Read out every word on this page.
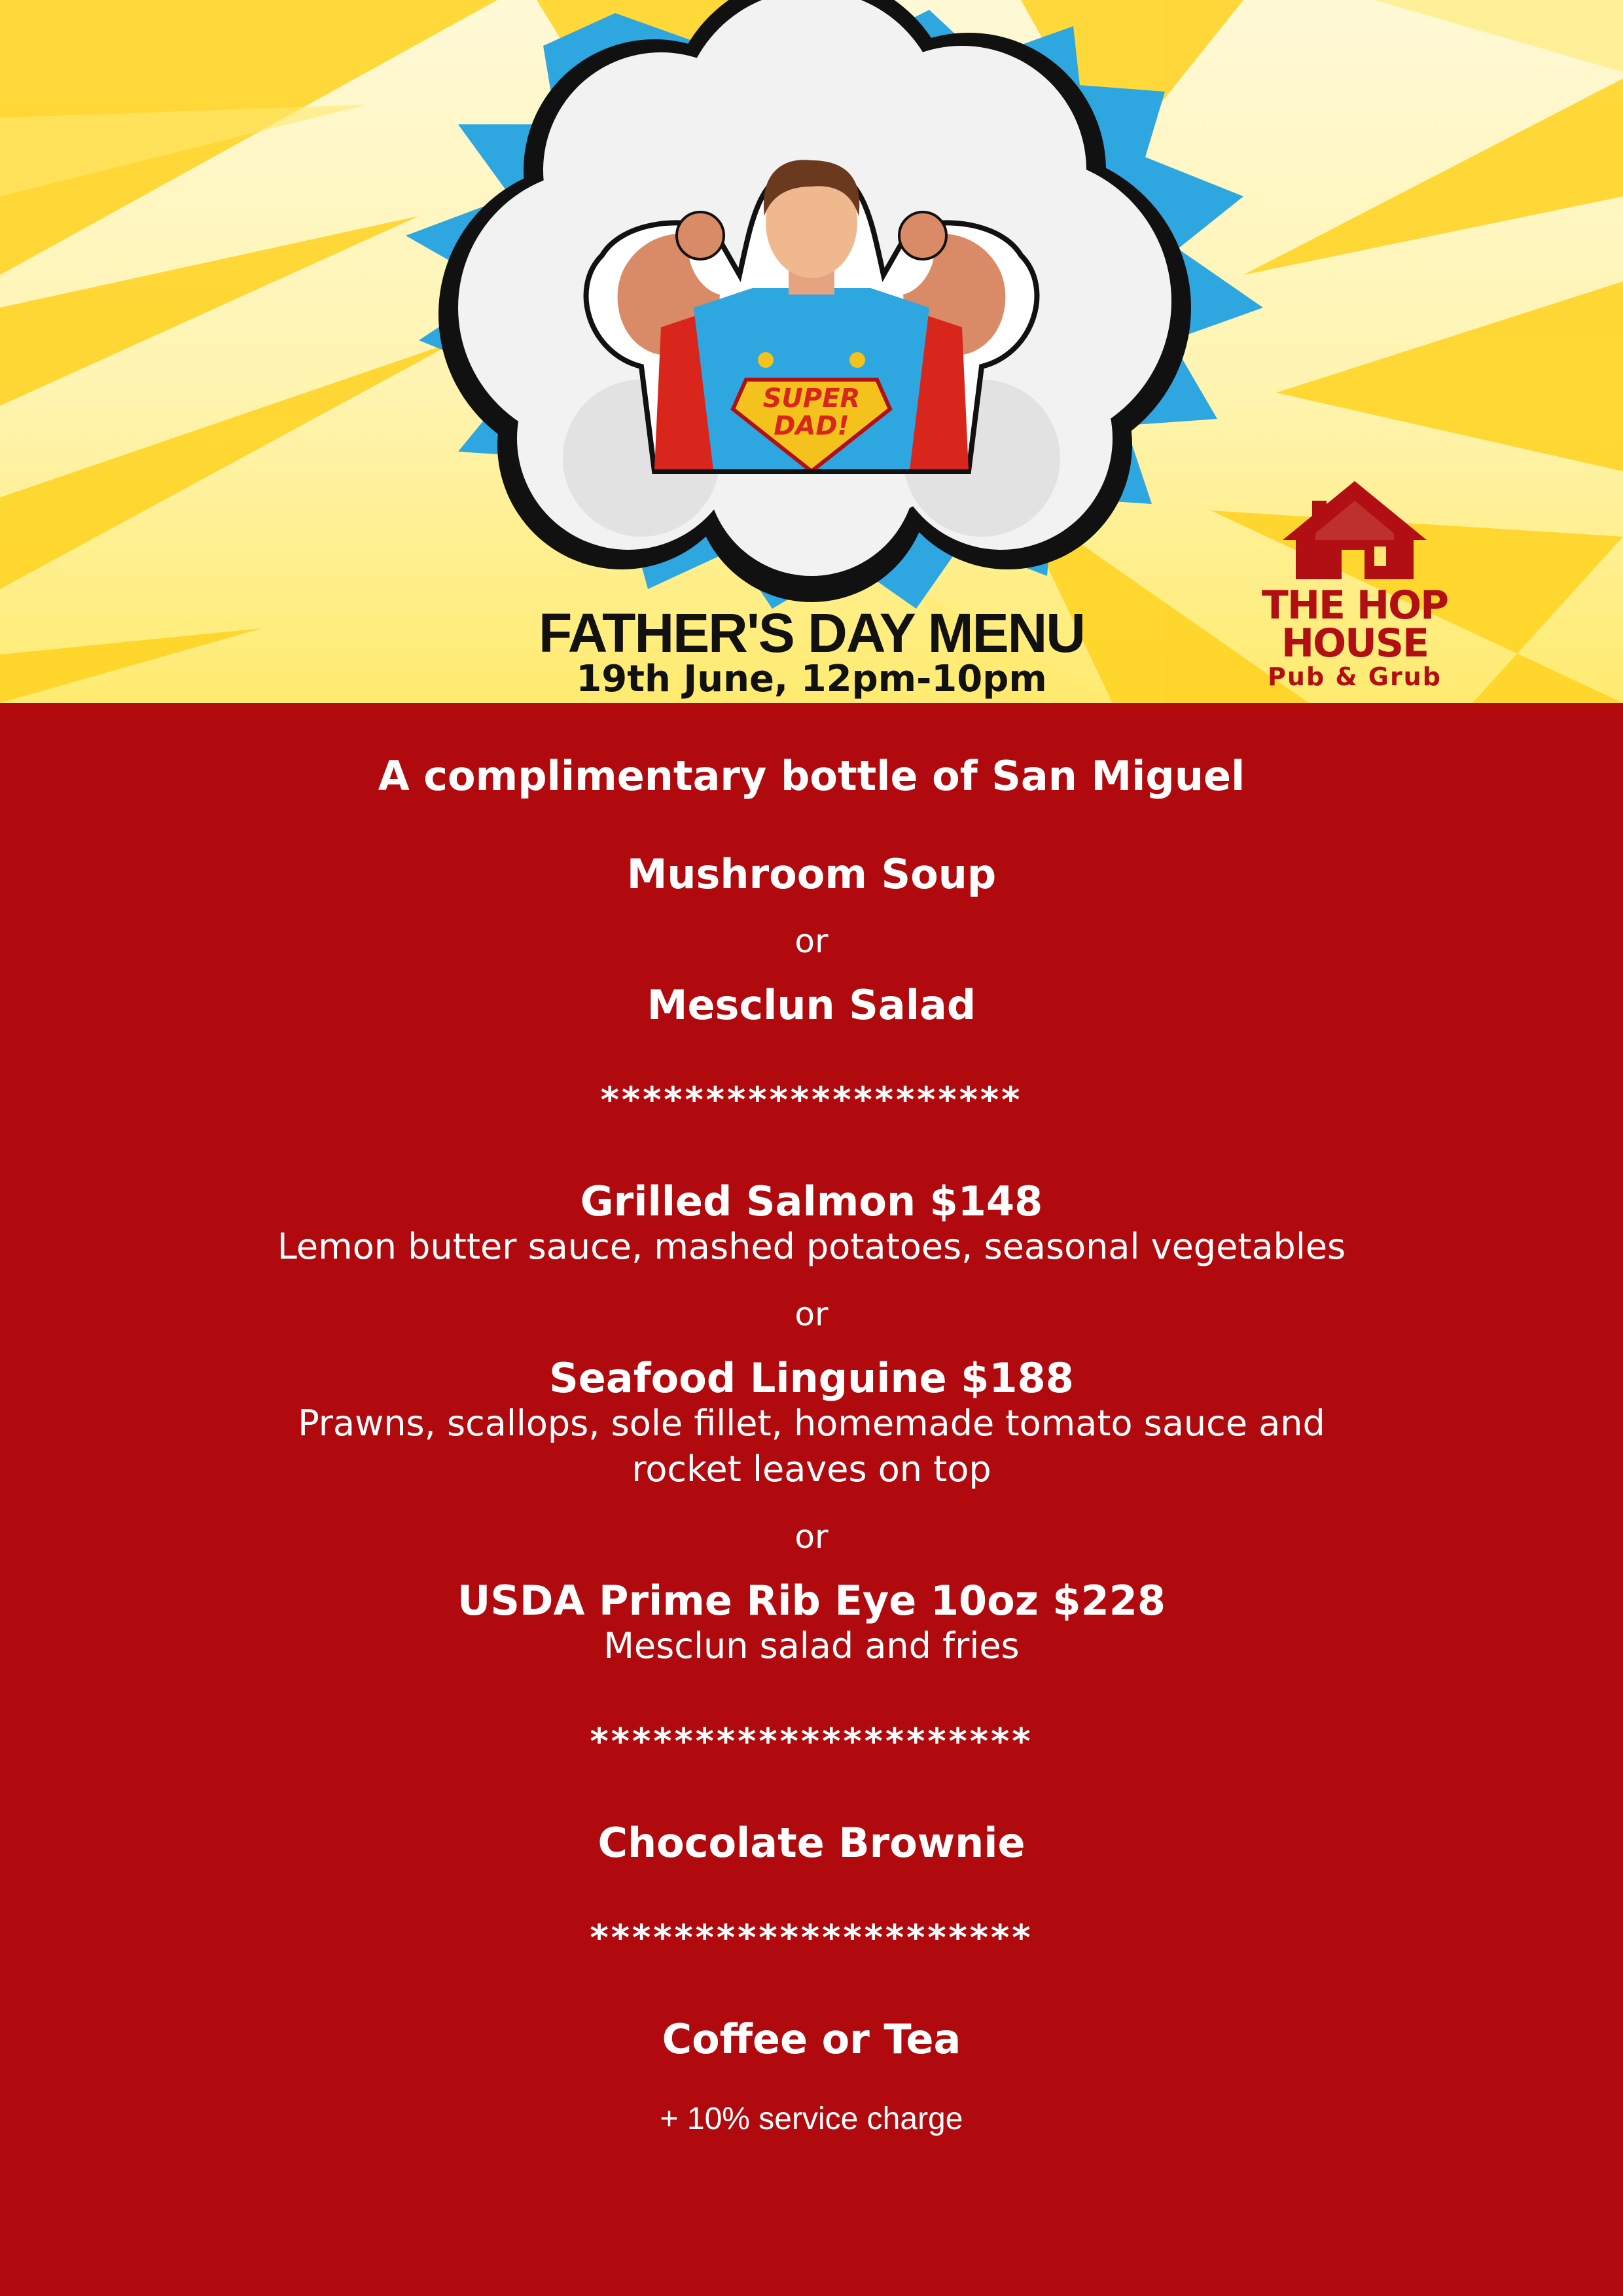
SUPER
DAD!
FATHER'S DAY MENU
19th June, 12pm-10pm
THE HOP
HOUSE
Pub & Grub
A complimentary bottle of San Miguel
Mushroom Soup
or
Mesclun Salad
********************
Grilled Salmon $148
Lemon butter sauce, mashed potatoes, seasonal vegetables
or
Seafood Linguine $188
Prawns, scallops, sole fillet, homemade tomato sauce and
rocket leaves on top
or
USDA Prime Rib Eye 10oz $228
Mesclun salad and fries
*********************
Chocolate Brownie
*********************
Coffee or Tea
+ 10% service charge
